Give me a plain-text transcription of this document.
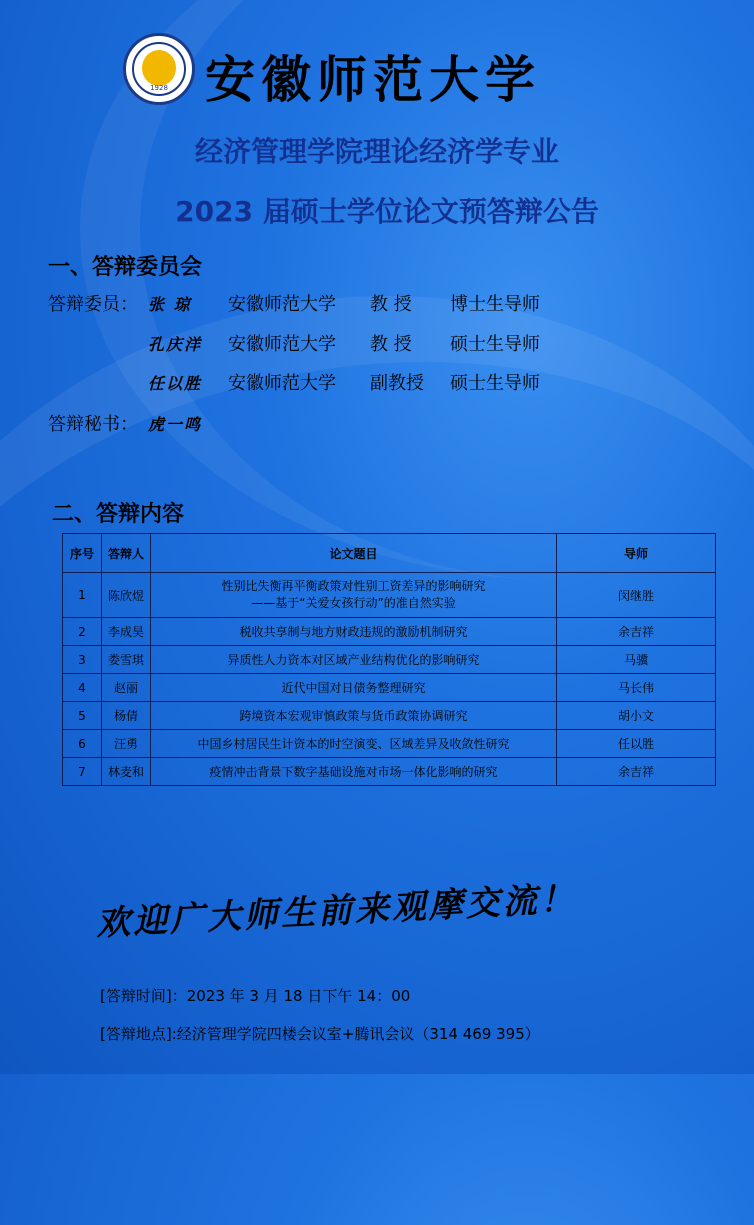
1928 安徽师范大学
经济管理学院理论经济学专业
2023 届硕士学位论文预答辩公告
一、答辩委员会
答辩委员： 张 琼 安徽师范大学 教 授 博士生导师
孔庆洋 安徽师范大学 教 授 硕士生导师
任以胜 安徽师范大学 副教授 硕士生导师
答辩秘书： 虎一鸣
二、答辩内容
序号	答辩人	论文题目	导师
1	陈欣煜	性别比失衡再平衡政策对性别工资差异的影响研究
——基于“关爱女孩行动”的准自然实验	闵继胜
2	李成昊	税收共享制与地方财政违规的激励机制研究	余吉祥
3	娄雪琪	异质性人力资本对区域产业结构优化的影响研究	马骥
4	赵丽	近代中国对日债务整理研究	马长伟
5	杨倩	跨境资本宏观审慎政策与货币政策协调研究	胡小文
6	汪勇	中国乡村居民生计资本的时空演变、区域差异及收敛性研究	任以胜
7	林麦和	疫情冲击背景下数字基础设施对市场一体化影响的研究	余吉祥
欢迎广大师生前来观摩交流！
[答辩时间]：2023 年 3 月 18 日下午 14：00
[答辩地点]:经济管理学院四楼会议室+腾讯会议（314 469 395）
